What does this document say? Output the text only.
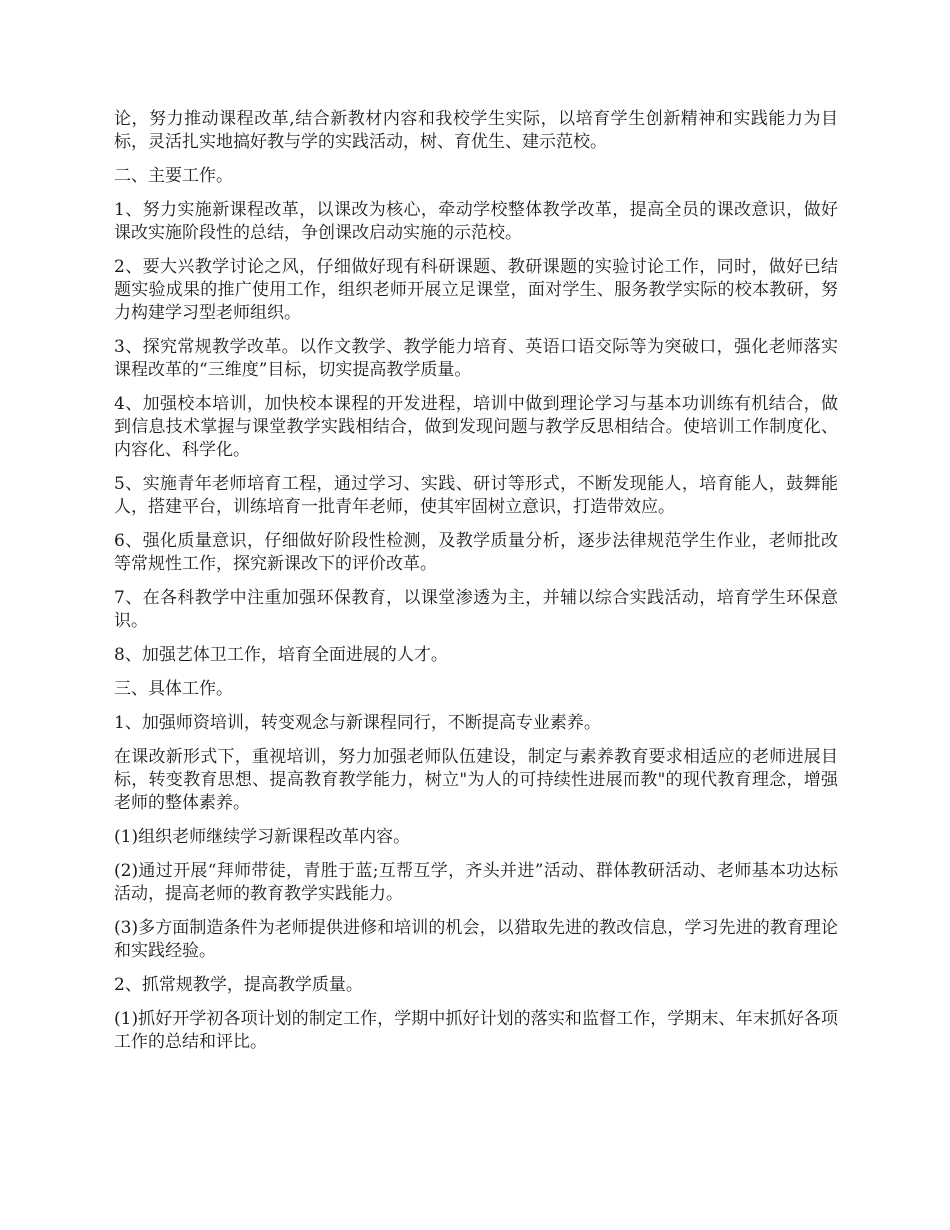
论，努力推动课程改革,结合新教材内容和我校学生实际，以培育学生创新精神和实践能力为目标，灵活扎实地搞好教与学的实践活动，树、育优生、建示范校。

二、主要工作。

1、努力实施新课程改革，以课改为核心，牵动学校整体教学改革，提高全员的课改意识，做好课改实施阶段性的总结，争创课改启动实施的示范校。

2、要大兴教学讨论之风，仔细做好现有科研课题、教研课题的实验讨论工作，同时，做好已结题实验成果的推广使用工作，组织老师开展立足课堂，面对学生、服务教学实际的校本教研，努力构建学习型老师组织。

3、探究常规教学改革。以作文教学、教学能力培育、英语口语交际等为突破口，强化老师落实课程改革的“三维度”目标，切实提高教学质量。

4、加强校本培训，加快校本课程的开发进程，培训中做到理论学习与基本功训练有机结合，做到信息技术掌握与课堂教学实践相结合，做到发现问题与教学反思相结合。使培训工作制度化、内容化、科学化。

5、实施青年老师培育工程，通过学习、实践、研讨等形式，不断发现能人，培育能人，鼓舞能人，搭建平台，训练培育一批青年老师，使其牢固树立意识，打造带效应。

6、强化质量意识，仔细做好阶段性检测，及教学质量分析，逐步法律规范学生作业，老师批改等常规性工作，探究新课改下的评价改革。

7、在各科教学中注重加强环保教育，以课堂渗透为主，并辅以综合实践活动，培育学生环保意识。

8、加强艺体卫工作，培育全面进展的人才。

三、具体工作。

1、加强师资培训，转变观念与新课程同行，不断提高专业素养。

在课改新形式下，重视培训，努力加强老师队伍建设，制定与素养教育要求相适应的老师进展目标，转变教育思想、提高教育教学能力，树立"为人的可持续性进展而教"的现代教育理念，增强老师的整体素养。

(1)组织老师继续学习新课程改革内容。

(2)通过开展“拜师带徒，青胜于蓝;互帮互学，齐头并进”活动、群体教研活动、老师基本功达标活动，提高老师的教育教学实践能力。

(3)多方面制造条件为老师提供进修和培训的机会，以猎取先进的教改信息，学习先进的教育理论和实践经验。

2、抓常规教学，提高教学质量。

(1)抓好开学初各项计划的制定工作，学期中抓好计划的落实和监督工作，学期末、年末抓好各项工作的总结和评比。
